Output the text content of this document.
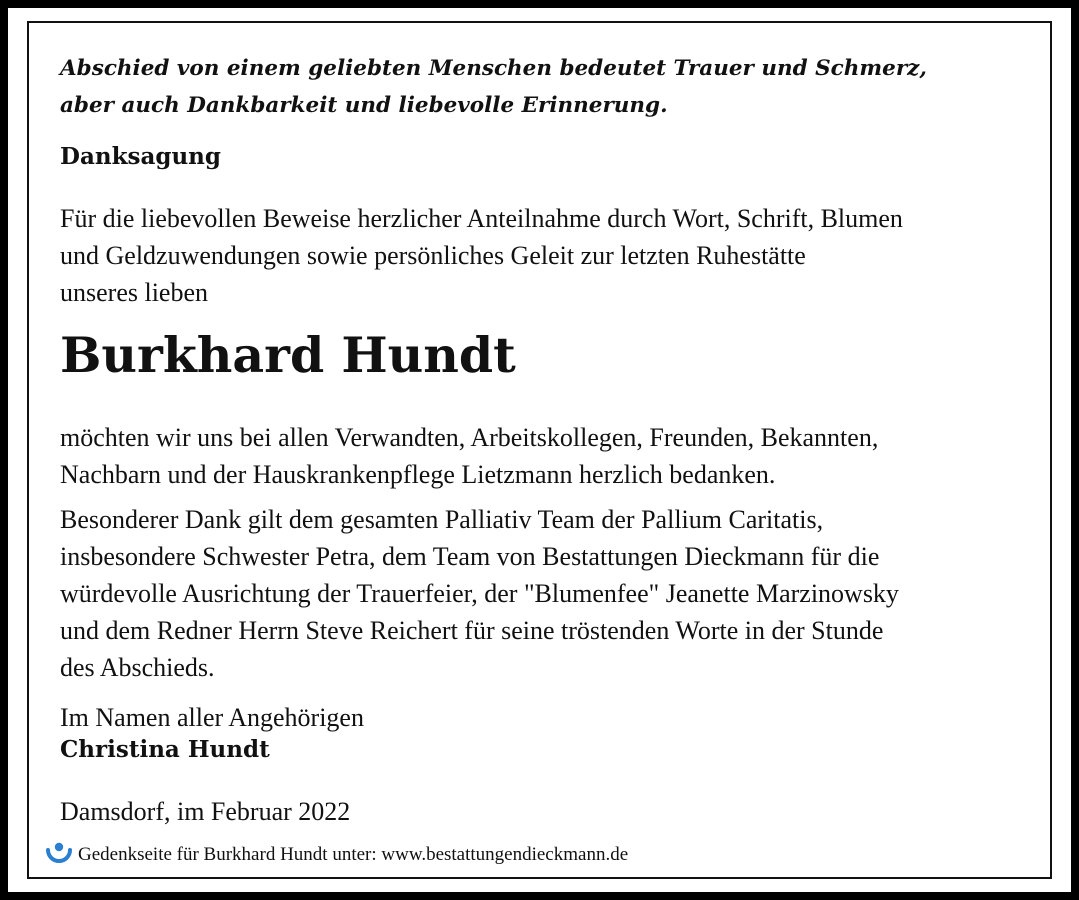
Abschied von einem geliebten Menschen bedeutet Trauer und Schmerz,
aber auch Dankbarkeit und liebevolle Erinnerung.
Danksagung
Für die liebevollen Beweise herzlicher Anteilnahme durch Wort, Schrift, Blumen
und Geldzuwendungen sowie persönliches Geleit zur letzten Ruhestätte
unseres lieben
Burkhard Hundt
möchten wir uns bei allen Verwandten, Arbeitskollegen, Freunden, Bekannten,
Nachbarn und der Hauskrankenpflege Lietzmann herzlich bedanken.
Besonderer Dank gilt dem gesamten Palliativ Team der Pallium Caritatis,
insbesondere Schwester Petra, dem Team von Bestattungen Dieckmann für die
würdevolle Ausrichtung der Trauerfeier, der "Blumenfee" Jeanette Marzinowsky
und dem Redner Herrn Steve Reichert für seine tröstenden Worte in der Stunde
des Abschieds.
Im Namen aller Angehörigen
Christina Hundt
Damsdorf, im Februar 2022
Gedenkseite für Burkhard Hundt unter: www.bestattungendieckmann.de
